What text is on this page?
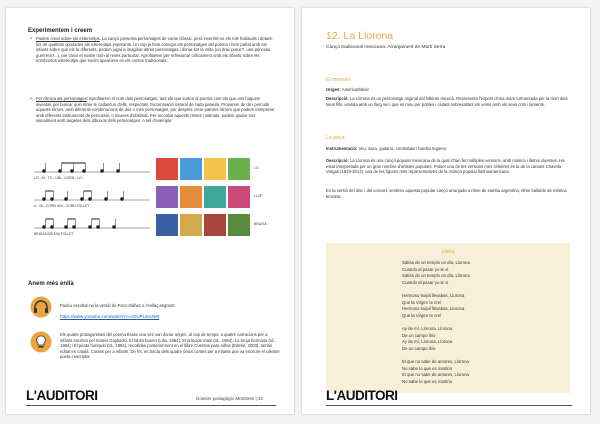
Experimentem i creem
• Podem crear sobre els estereotips: La cançó presenta personatges de conte clàssic, però invertint-ne els rols habituals i dotant-los de qualitats oposades als estereotips imperants. Un cop ja hem conegut els personatges del poema i hem parlat amb els infants sobre què els fa diferents, podem jugar a imaginar altres personatges i donar-los la volta (un drac poruc?, una princesa guerrera?...), per crear el nostre món al revés particular. Aprofitarem per reflexionar críticament amb els infants sobre els nombrosos estereotips que sovint apareixen en els contes tradicionals.
• Fer rítmica als personatges: Aprofitarem el nom dels personatges, tant els que surten al poema com els que ens haguem inventat, per buscar quin ritme té cadascun d'ells, respectant l'accentuació natural de cada paraula. Provarem de dir i percudir aquests ritmes, amb diferents combinacions de dos o més personatges, per després crear patrons rítmics que podem interpretar amb diferents instruments de percussió, o marxes d'obstinat. Per recordar aquests ritmes i ostinats, podem ajudar-nos visualment amb targetes dels dibuixos dels personatges. A tall d'exemple:
LO - BI - TO - UNI - CORN - LO -
U - NI - CORN UNI - CORN FOLLET
BRUIXA BRUIXA FOLLET
LO
LLOP
BRUIXA
Anem més enllà
Podeu escoltar-ne la versió de Paco Ibáñez a l'enllaç següent:
https://www.youtube.com/watch?v=oOUPLtiecNI0
Els quatre protagonistes del poema Érase una vez van donar origen, al cap de temps, a quatre narracions per a infants escrites pel mateix Goytisolo, El lobito bueno (Lilia, 1984), El príncipe malo (Id., 1984), La bruja hermosa (Id., 1984) i El pirata honrado (Id., 1984), recollides posteriorment en el llibre Cuentos para niños (Edebé, 2003), també editat en català: Contes per a infants. De fet, es tracta dels quatre únics contes per a infants que va escriure el cèlebre poeta i escriptor.
L'AUDITORI	Dossier pedagògic Monstres | 42
12. La Llorona
Cançó tradicional mexicana. Arranjament de Martí Serra
El monstre
Origen: Amèrica/Mèxic
Descripció: La Llorona és un personatge original del folklore mexicà. Representa l'esperit d'una mare turmentada per la mort dels seus fills, vestida amb un llarg vel i que es mou per pobles i ciutats sobresaltant els veïns amb els seus crits i laments.
La peça
Instrumentació: Veu, saxo, guitarra, contrabaix i bombo legüero
Descripció: La Llorona és una cançó popular mexicana de la qual s'han fet múltiples versions, amb música i lletres diverses. Ha estat interpretada per un gran nombre d'artistes populars. Potser una de les versions més cèlebres és la de la cantant Chavela Vargas (1919-2012), una de les figures més representatives de la música popular llatinoamericana.
En la versió del disc i del concert, sentireu aquesta popular cançó arranjada a ritme de zamba argentina, ritme ballable de mètrica ternària.
Lletra
Salías de un templo un día, Llorona
Cuando al pasar yo te vi
Salías de un templo un día, Llorona
Cuando al pasar yo te vi
Hermoso huipil llevabas, Llorona
Que la Virgen te creí
Hermoso huipil llevabas, Llorona
Que la Virgen te creí
Ay de mí, Llorona, Llorona
De un campo lirio
Ay de mí, Llorona, Llorona
De un campo lirio
El que no sabe de amores, Llorona
No sabe lo que es martirio
El que no sabe de amores, Llorona
No sabe lo que es martirio
L'AUDITORI
